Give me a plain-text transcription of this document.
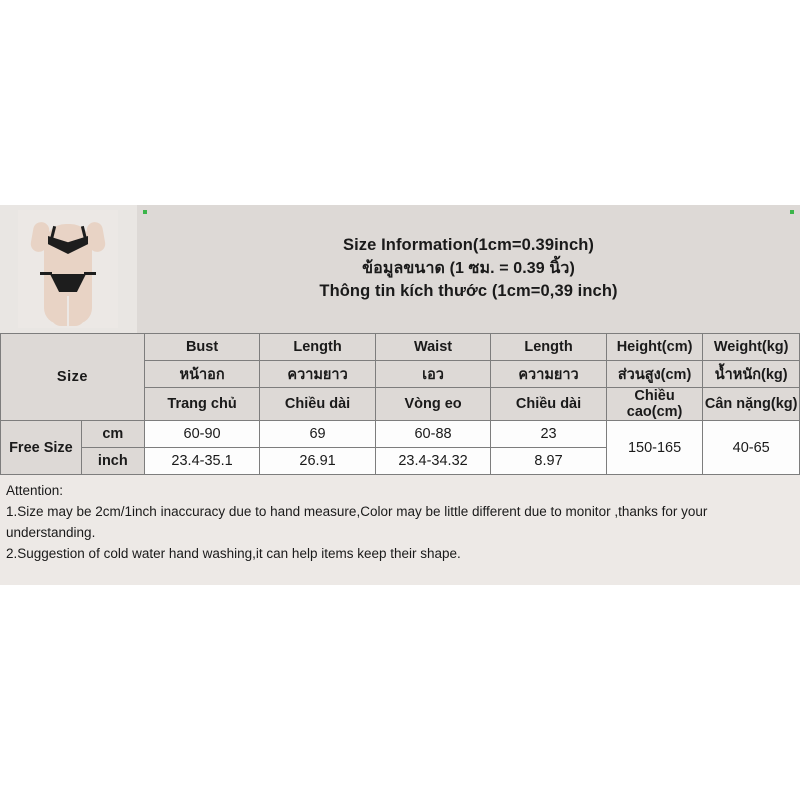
Size Information(1cm=0.39inch)
ข้อมูลขนาด (1 ซม. = 0.39 นิ้ว)
Thông tin kích thước (1cm=0,39 inch)
Size		Bust	Length	Waist	Length	Height(cm)	Weight(kg)
		หน้าอก	ความยาว	เอว	ความยาว	ส่วนสูง(cm)	น้ำหนัก(kg)
		Trang chủ	Chiều dài	Vòng eo	Chiều dài	Chiều cao(cm)	Cân nặng(kg)
Free Size	cm	60-90	69	60-88	23	150-165	40-65
	inch	23.4-35.1	26.91	23.4-34.32	8.97		
Attention:
1.Size may be 2cm/1inch inaccuracy due to hand measure,Color may be little different due to monitor ,thanks for your understanding.
2.Suggestion of cold water hand washing,it can help items keep their shape.
